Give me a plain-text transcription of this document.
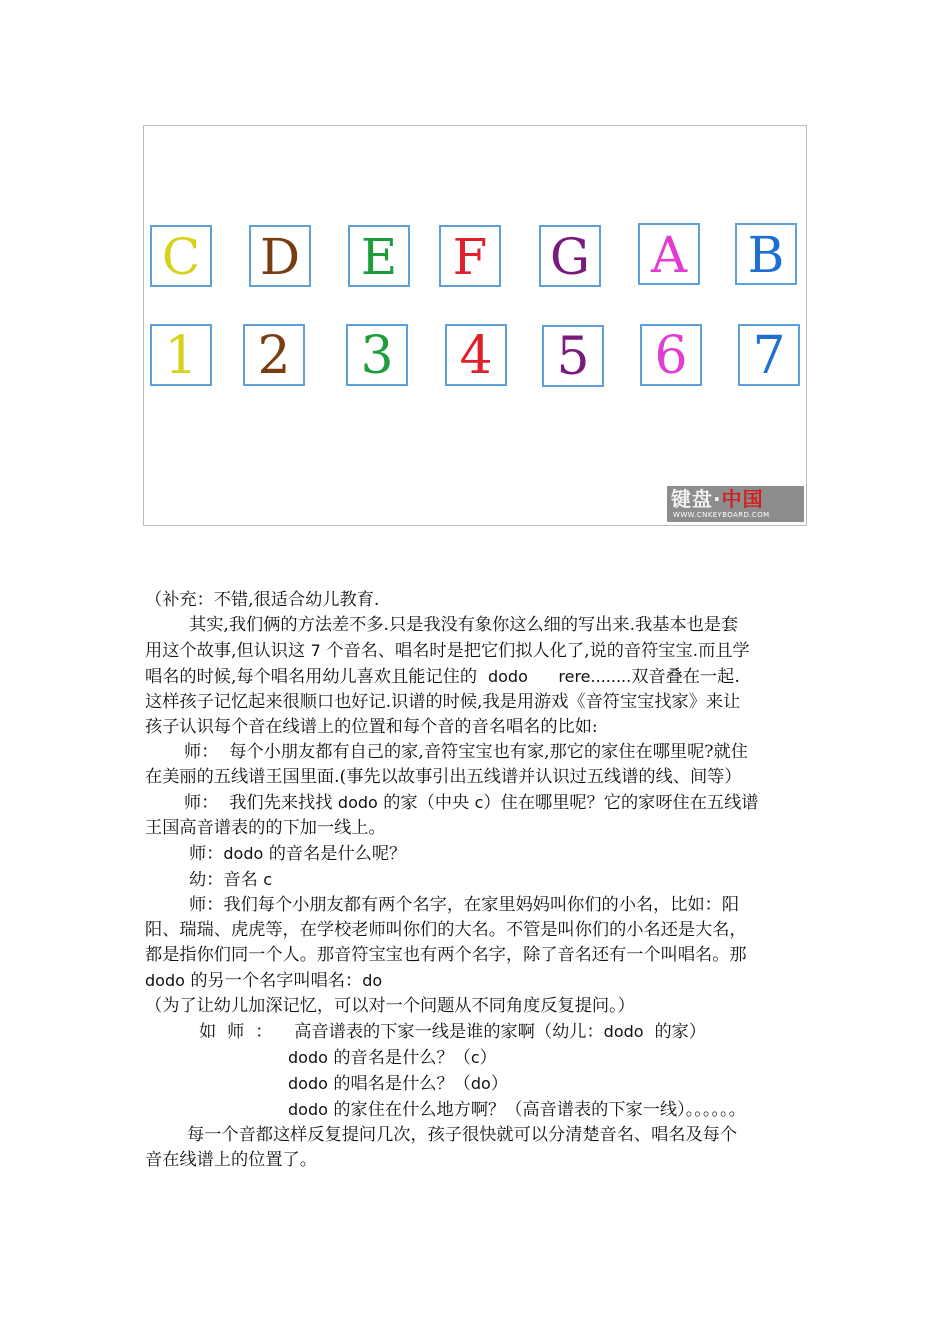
C D E F G A B
1 2 3 4 5 6 7
键盘·中国
WWW.CNKEYBOARD.COM

（补充：不错,很适合幼儿教育.

其实,我们俩的方法差不多.只是我没有象你这么细的写出来.我基本也是套

用这个故事,但认识这 7 个音名、唱名时是把它们拟人化了,说的音符宝宝.而且学

唱名的时候,每个唱名用幼儿喜欢且能记住的  dodo      rere........双音叠在一起.

这样孩子记忆起来很顺口也好记.识谱的时候,我是用游戏《音符宝宝找家》来让

孩子认识每个音在线谱上的位置和每个音的音名唱名的比如:

师：  每个小朋友都有自己的家,音符宝宝也有家,那它的家住在哪里呢?就住

在美丽的五线谱王国里面.(事先以故事引出五线谱并认识过五线谱的线、间等）

师：  我们先来找找 dodo 的家（中央 c）住在哪里呢？它的家呀住在五线谱

王国高音谱表的的下加一线上。

师：dodo 的音名是什么呢？

幼：音名 c

师：我们每个小朋友都有两个名字，在家里妈妈叫你们的小名，比如：阳

阳、瑞瑞、虎虎等，在学校老师叫你们的大名。不管是叫你们的小名还是大名，

都是指你们同一个人。那音符宝宝也有两个名字，除了音名还有一个叫唱名。那

dodo 的另一个名字叫唱名：do

（为了让幼儿加深记忆，可以对一个问题从不同角度反复提问。）

如  师  ：    高音谱表的下家一线是谁的家啊（幼儿：dodo  的家）

dodo 的音名是什么？（c）

dodo 的唱名是什么？（do）

dodo 的家住在什么地方啊？（高音谱表的下家一线）。。。。。。

每一个音都这样反复提问几次，孩子很快就可以分清楚音名、唱名及每个

音在线谱上的位置了。
